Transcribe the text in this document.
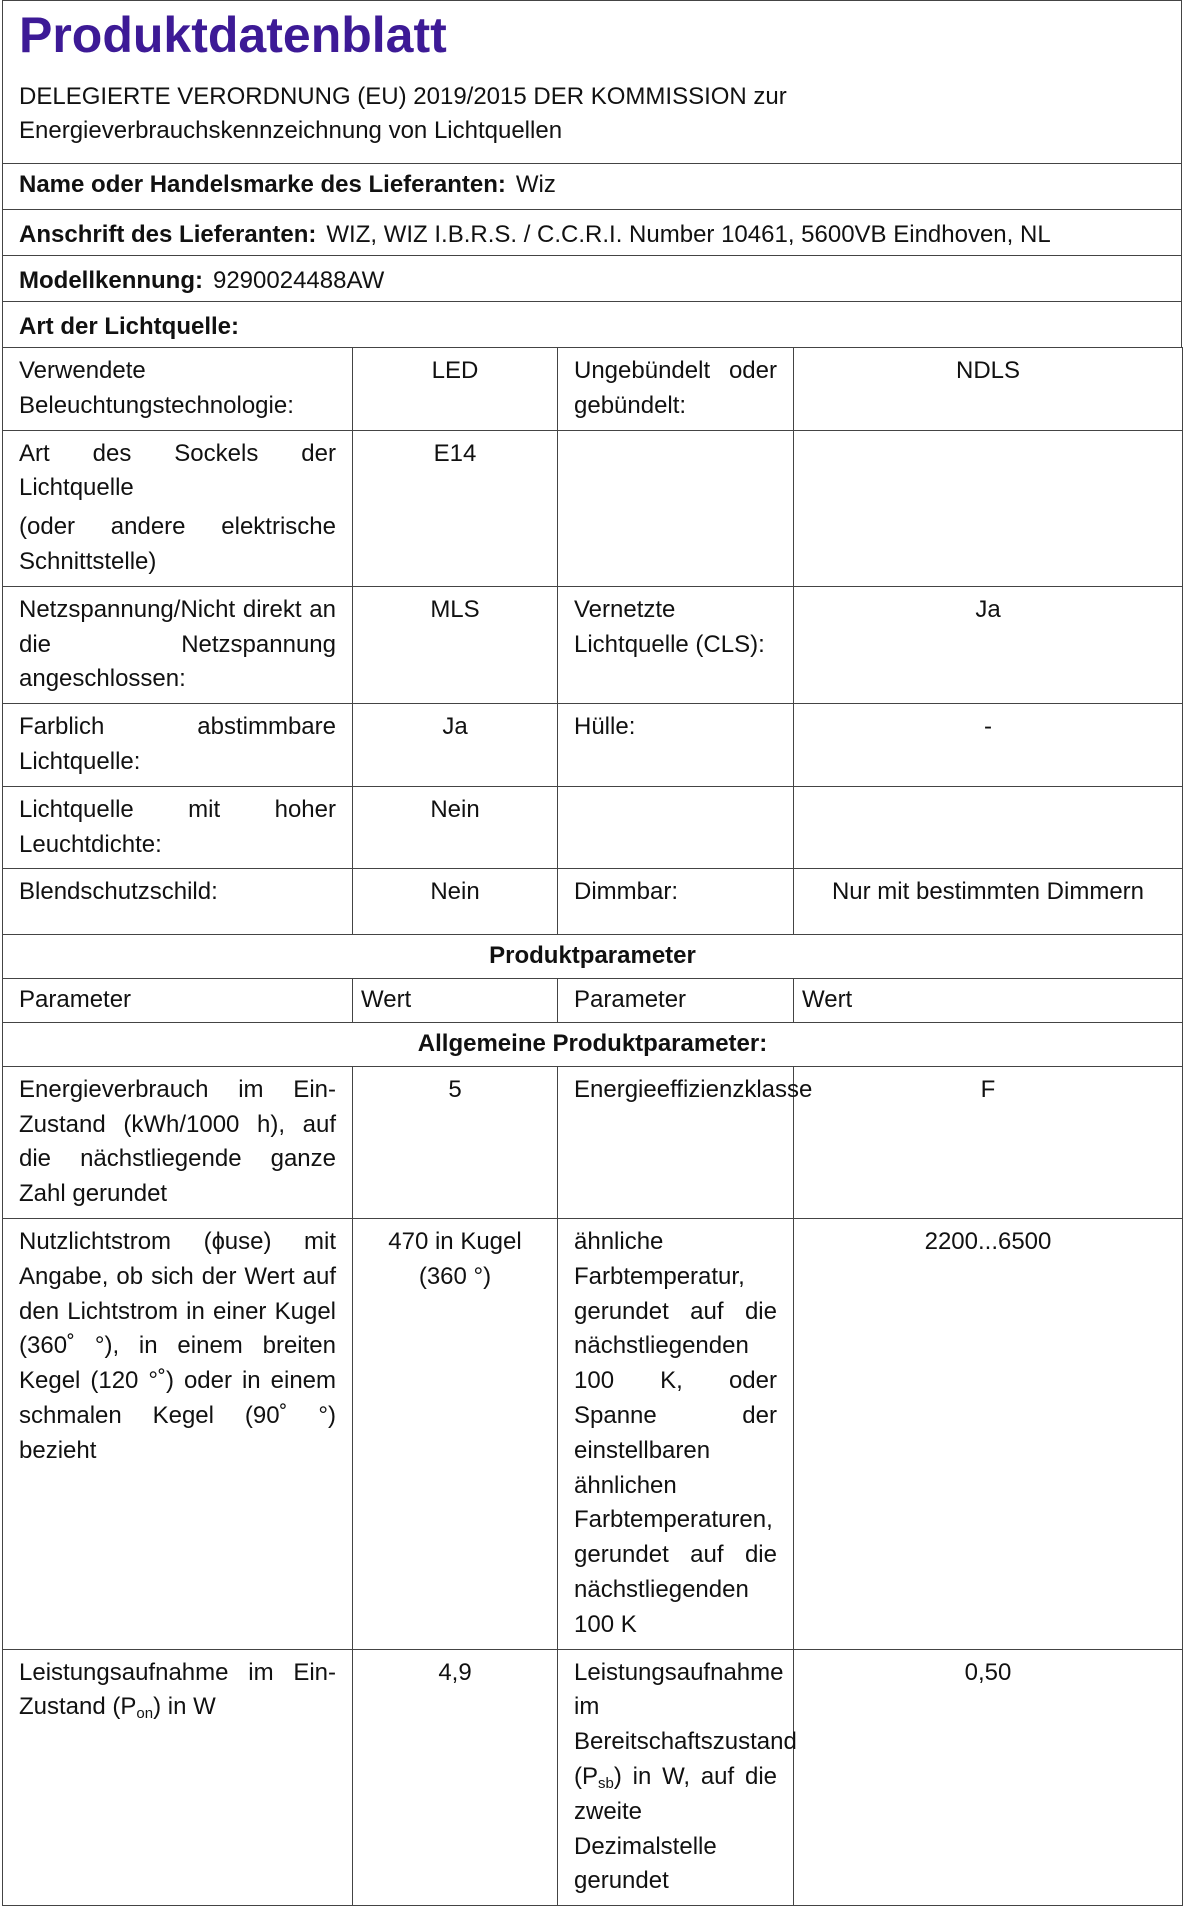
Produktdatenblatt
DELEGIERTE VERORDNUNG (EU) 2019/2015 DER KOMMISSION zur
Energieverbrauchskennzeichnung von Lichtquellen
Name oder Handelsmarke des Lieferanten: Wiz
Anschrift des Lieferanten: WIZ, WIZ I.B.R.S. / C.C.R.I. Number 10461, 5600VB Eindhoven, NL
Modellkennung: 9290024488AW
Art der Lichtquelle:
Verwendete Beleuchtungstechnologie:	LED	Ungebündelt oder gebündelt:	NDLS

Art des Sockels der Lichtquelle
(oder andere elektrische Schnittstelle)	E14		
Netzspannung/Nicht direkt an die Netzspannung angeschlossen:	MLS	Vernetzte Lichtquelle (CLS):	Ja
Farblich abstimmbare Lichtquelle:	Ja	Hülle:	-
Lichtquelle mit hoher Leuchtdichte:	Nein		
Blendschutzschild:	Nein	Dimmbar:	Nur mit bestimmten Dimmern
Produktparameter			
Parameter	Wert	Parameter	Wert
Allgemeine Produktparameter:			
Energieverbrauch im Ein-Zustand (kWh/1000 h), auf die nächstliegende ganze Zahl gerundet	5	Energieeffizienzklasse	F
Nutzlichtstrom (ɸuse) mit Angabe, ob sich der Wert auf den Lichtstrom in einer Kugel (360˚ °), in einem breiten Kegel (120 °˚) oder in einem schmalen Kegel (90˚ °) bezieht	470 in Kugel (360 °)	ähnliche Farbtemperatur, gerundet auf die nächstliegenden 100 K, oder Spanne der einstellbaren ähnlichen Farbtemperaturen, gerundet auf die nächstliegenden 100 K	2200...6500
Leistungsaufnahme im Ein-Zustand $(P_{on})$ in W	4,9	Leistungsaufnahme im Bereitschaftszustand $(P_{sb})$ in W, auf die zweite Dezimalstelle gerundet	0,50
